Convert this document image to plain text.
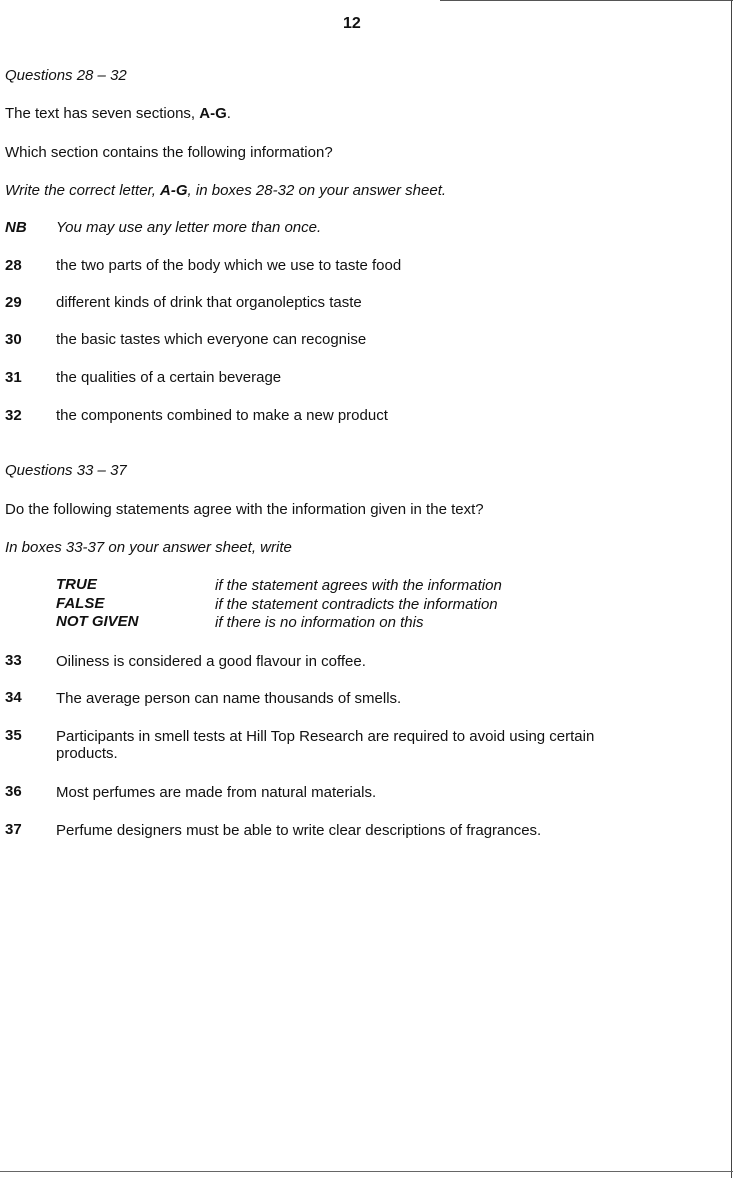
12
Questions 28 – 32
The text has seven sections, A-G.
Which section contains the following information?
Write the correct letter, A-G, in boxes 28-32 on your answer sheet.
NB You may use any letter more than once.
28 the two parts of the body which we use to taste food
29 different kinds of drink that organoleptics taste
30 the basic tastes which everyone can recognise
31 the qualities of a certain beverage
32 the components combined to make a new product
Questions 33 – 37
Do the following statements agree with the information given in the text?
In boxes 33-37 on your answer sheet, write
TRUE	if the statement agrees with the information
FALSE	if the statement contradicts the information
NOT GIVEN	if there is no information on this
33 Oiliness is considered a good flavour in coffee.
34 The average person can name thousands of smells.
35 Participants in smell tests at Hill Top Research are required to avoid using certain
products.
36 Most perfumes are made from natural materials.
37 Perfume designers must be able to write clear descriptions of fragrances.
